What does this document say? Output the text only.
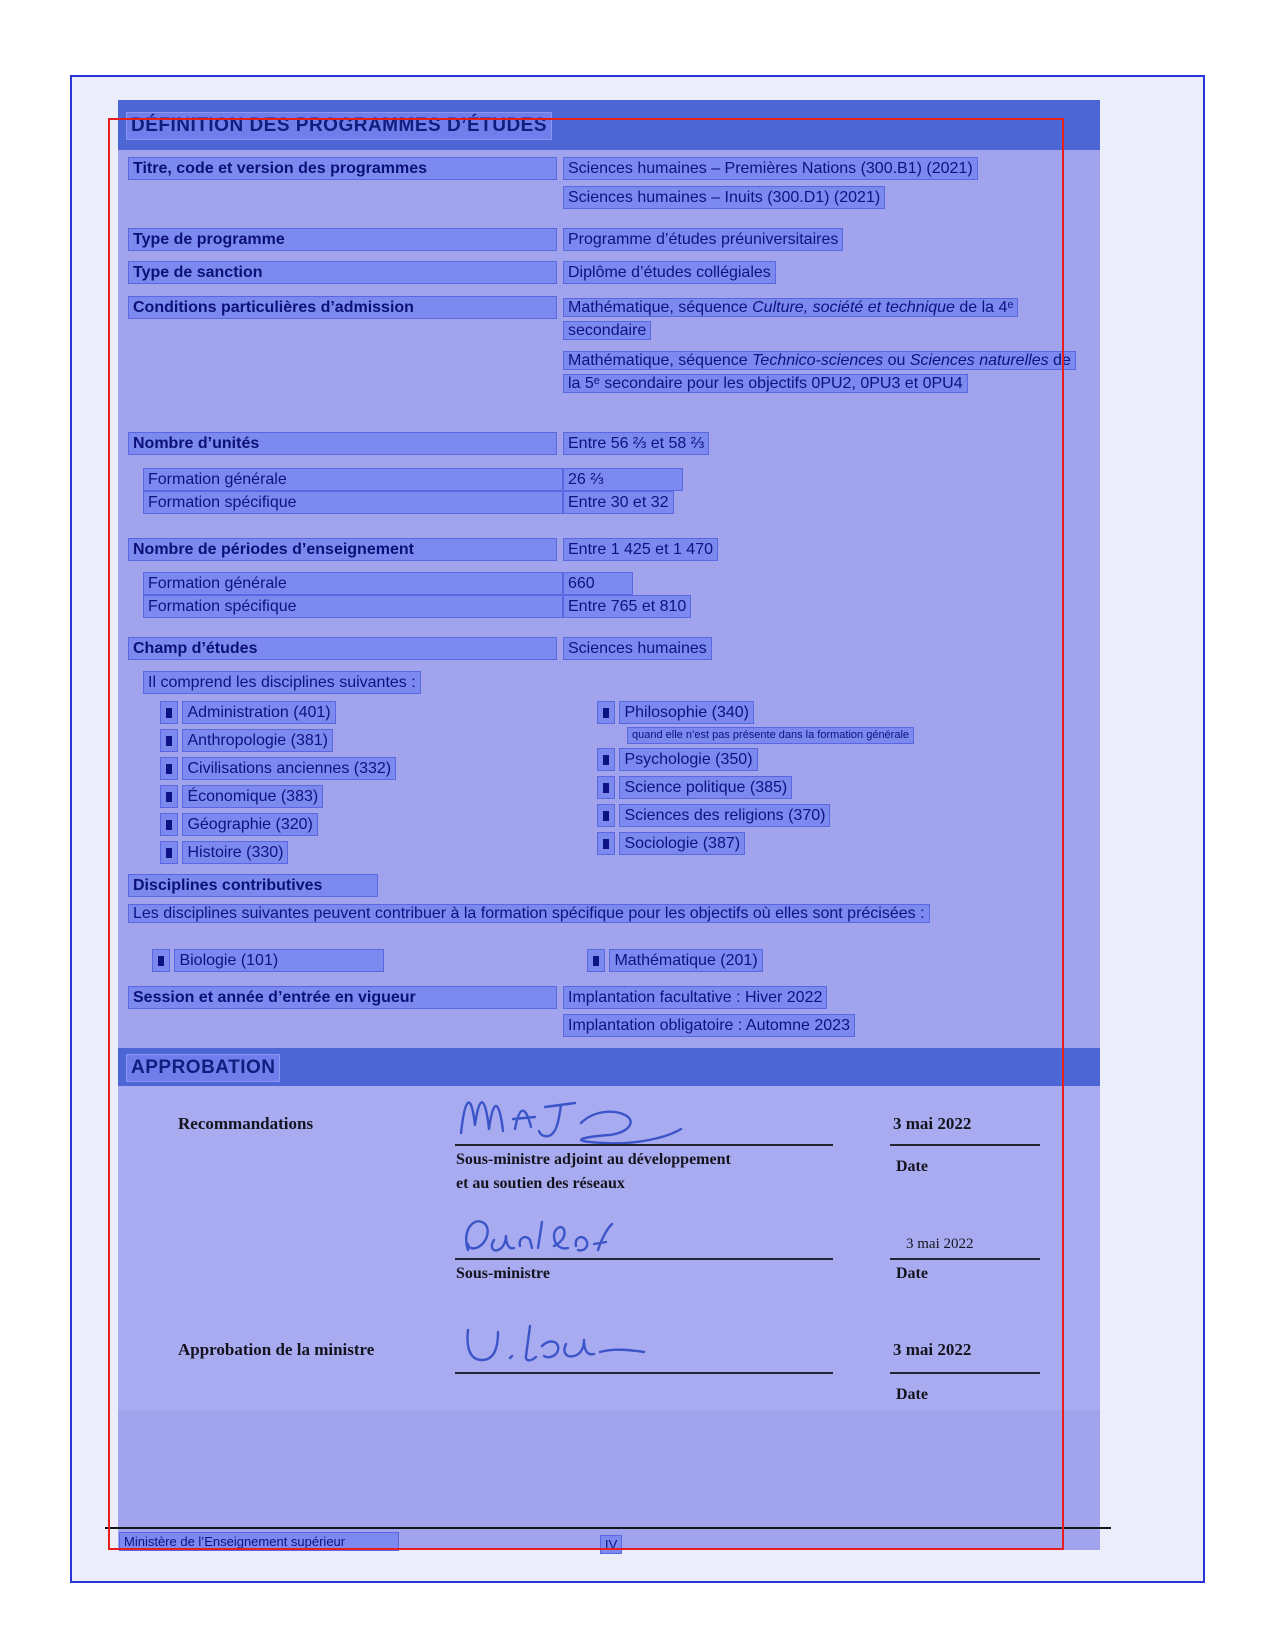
DÉFINITION DES PROGRAMMES D’ÉTUDES
Titre, code et version des programmes	Sciences humaines – Premières Nations (300.B1) (2021)
Sciences humaines – Inuits (300.D1) (2021)
Type de programme	Programme d’études préuniversitaires
Type de sanction	Diplôme d’études collégiales
Conditions particulières d’admission	Mathématique, séquence Culture, société et technique de la 4ᵉ secondaire
Mathématique, séquence Technico-sciences ou Sciences naturelles de la 5ᵉ secondaire pour les objectifs 0PU2, 0PU3 et 0PU4
Nombre d’unités	Entre 56 ⅔ et 58 ⅔
Formation générale	26 ⅔
Formation spécifique	Entre 30 et 32
Nombre de périodes d’enseignement	Entre 1 425 et 1 470
Formation générale	660
Formation spécifique	Entre 765 et 810
Champ d’études	Sciences humaines
Il comprend les disciplines suivantes :
Administration (401)
Anthropologie (381)
Civilisations anciennes (332)
Économique (383)
Géographie (320)
Histoire (330)
Philosophie (340)
quand elle n’est pas présente dans la formation générale
Psychologie (350)
Science politique (385)
Sciences des religions (370)
Sociologie (387)
Disciplines contributives
Les disciplines suivantes peuvent contribuer à la formation spécifique pour les objectifs où elles sont précisées :
Biologie (101)	Mathématique (201)
Session et année d’entrée en vigueur	Implantation facultative : Hiver 2022
Implantation obligatoire : Automne 2023
APPROBATION
Recommandations
Sous-ministre adjoint au développement
et au soutien des réseaux
3 mai 2022
Date
Sous-ministre
3 mai 2022
Date
Approbation de la ministre	3 mai 2022
Date
Ministère de l’Enseignement supérieur	IV
